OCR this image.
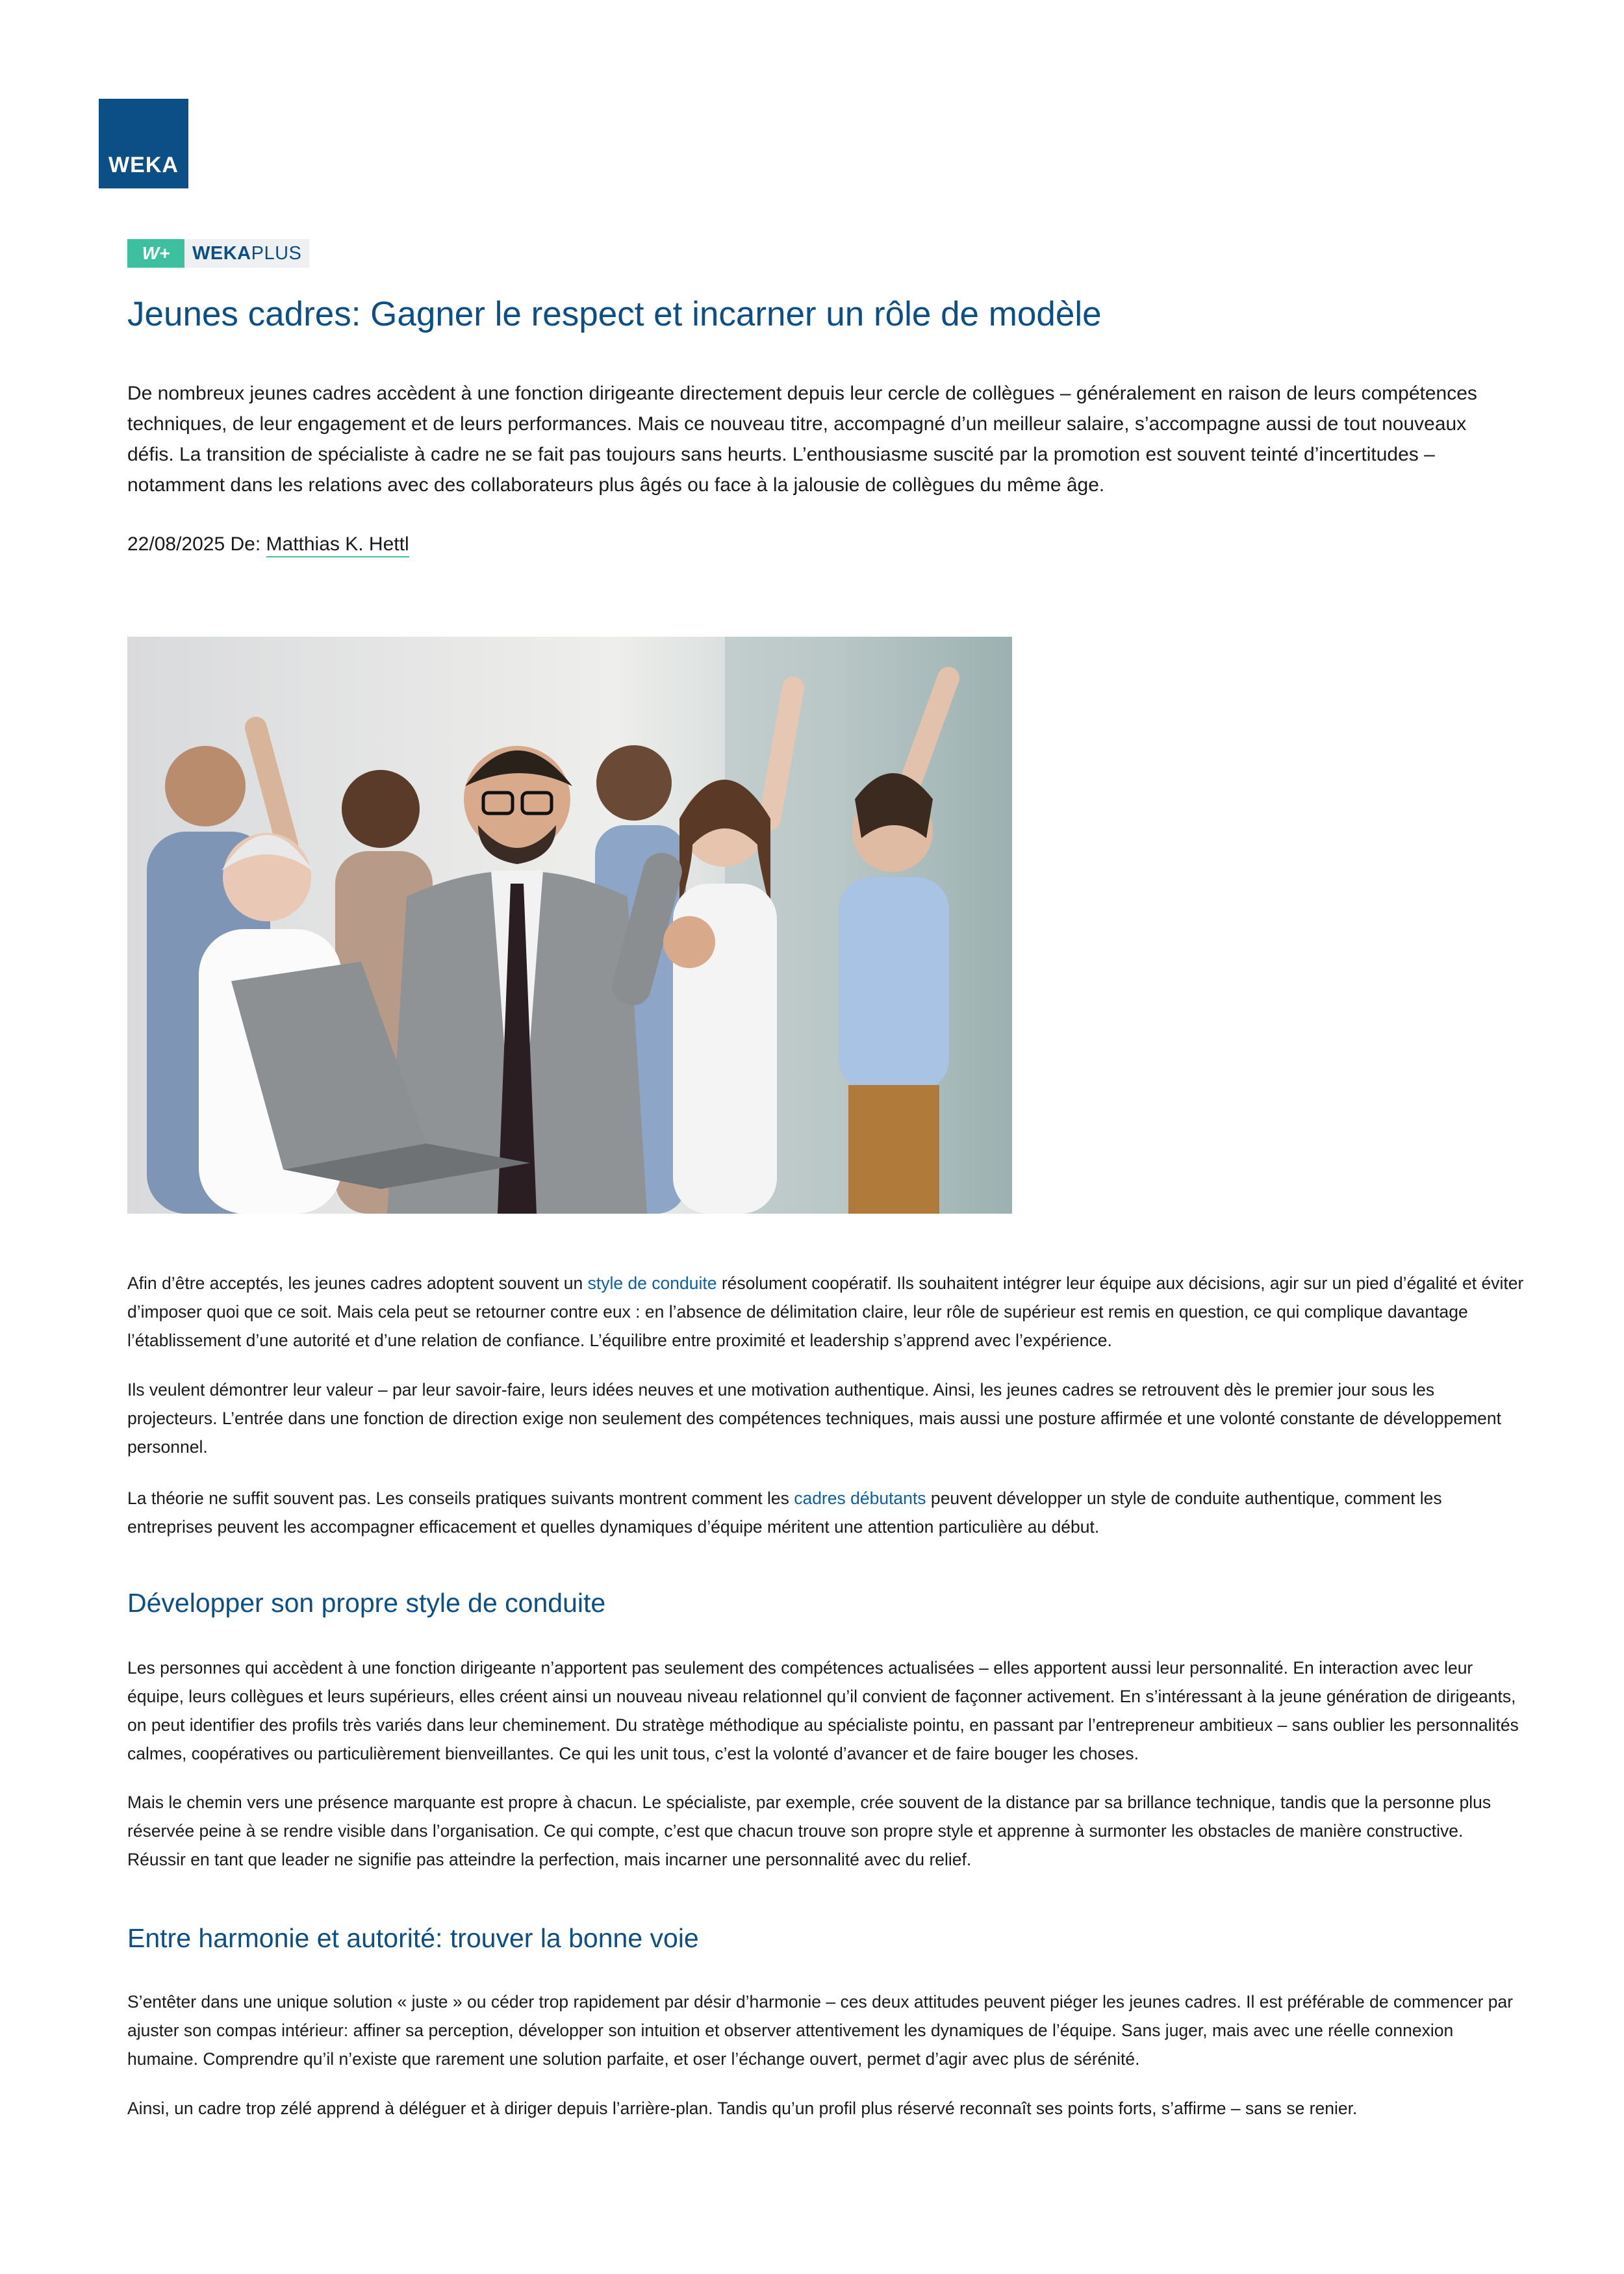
WEKA
W+	WEKAPLUS
Jeunes cadres: Gagner le respect et incarner un rôle de modèle

De nombreux jeunes cadres accèdent à une fonction dirigeante directement depuis leur cercle de collègues – généralement en raison de leurs compétences techniques, de leur engagement et de leurs performances. Mais ce nouveau titre, accompagné d’un meilleur salaire, s’accompagne aussi de tout nouveaux défis. La transition de spécialiste à cadre ne se fait pas toujours sans heurts. L’enthousiasme suscité par la promotion est souvent teinté d’incertitudes – notamment dans les relations avec des collaborateurs plus âgés ou face à la jalousie de collègues du même âge.

22/08/2025 De: Matthias K. Hettl

Afin d’être acceptés, les jeunes cadres adoptent souvent un style de conduite résolument coopératif. Ils souhaitent intégrer leur équipe aux décisions, agir sur un pied d’égalité et éviter d’imposer quoi que ce soit. Mais cela peut se retourner contre eux : en l’absence de délimitation claire, leur rôle de supérieur est remis en question, ce qui complique davantage l’établissement d’une autorité et d’une relation de confiance. L’équilibre entre proximité et leadership s’apprend avec l’expérience.

Ils veulent démontrer leur valeur – par leur savoir-faire, leurs idées neuves et une motivation authentique. Ainsi, les jeunes cadres se retrouvent dès le premier jour sous les projecteurs. L’entrée dans une fonction de direction exige non seulement des compétences techniques, mais aussi une posture affirmée et une volonté constante de développement personnel.

La théorie ne suffit souvent pas. Les conseils pratiques suivants montrent comment les cadres débutants peuvent développer un style de conduite authentique, comment les entreprises peuvent les accompagner efficacement et quelles dynamiques d’équipe méritent une attention particulière au début.

Développer son propre style de conduite

Les personnes qui accèdent à une fonction dirigeante n’apportent pas seulement des compétences actualisées – elles apportent aussi leur personnalité. En interaction avec leur équipe, leurs collègues et leurs supérieurs, elles créent ainsi un nouveau niveau relationnel qu’il convient de façonner activement. En s’intéressant à la jeune génération de dirigeants, on peut identifier des profils très variés dans leur cheminement. Du stratège méthodique au spécialiste pointu, en passant par l’entrepreneur ambitieux – sans oublier les personnalités calmes, coopératives ou particulièrement bienveillantes. Ce qui les unit tous, c’est la volonté d’avancer et de faire bouger les choses.

Mais le chemin vers une présence marquante est propre à chacun. Le spécialiste, par exemple, crée souvent de la distance par sa brillance technique, tandis que la personne plus réservée peine à se rendre visible dans l’organisation. Ce qui compte, c’est que chacun trouve son propre style et apprenne à surmonter les obstacles de manière constructive. Réussir en tant que leader ne signifie pas atteindre la perfection, mais incarner une personnalité avec du relief.

Entre harmonie et autorité: trouver la bonne voie

S’entêter dans une unique solution « juste » ou céder trop rapidement par désir d’harmonie – ces deux attitudes peuvent piéger les jeunes cadres. Il est préférable de commencer par ajuster son compas intérieur: affiner sa perception, développer son intuition et observer attentivement les dynamiques de l’équipe. Sans juger, mais avec une réelle connexion humaine. Comprendre qu’il n’existe que rarement une solution parfaite, et oser l’échange ouvert, permet d’agir avec plus de sérénité.

Ainsi, un cadre trop zélé apprend à déléguer et à diriger depuis l’arrière-plan. Tandis qu’un profil plus réservé reconnaît ses points forts, s’affirme – sans se renier.
